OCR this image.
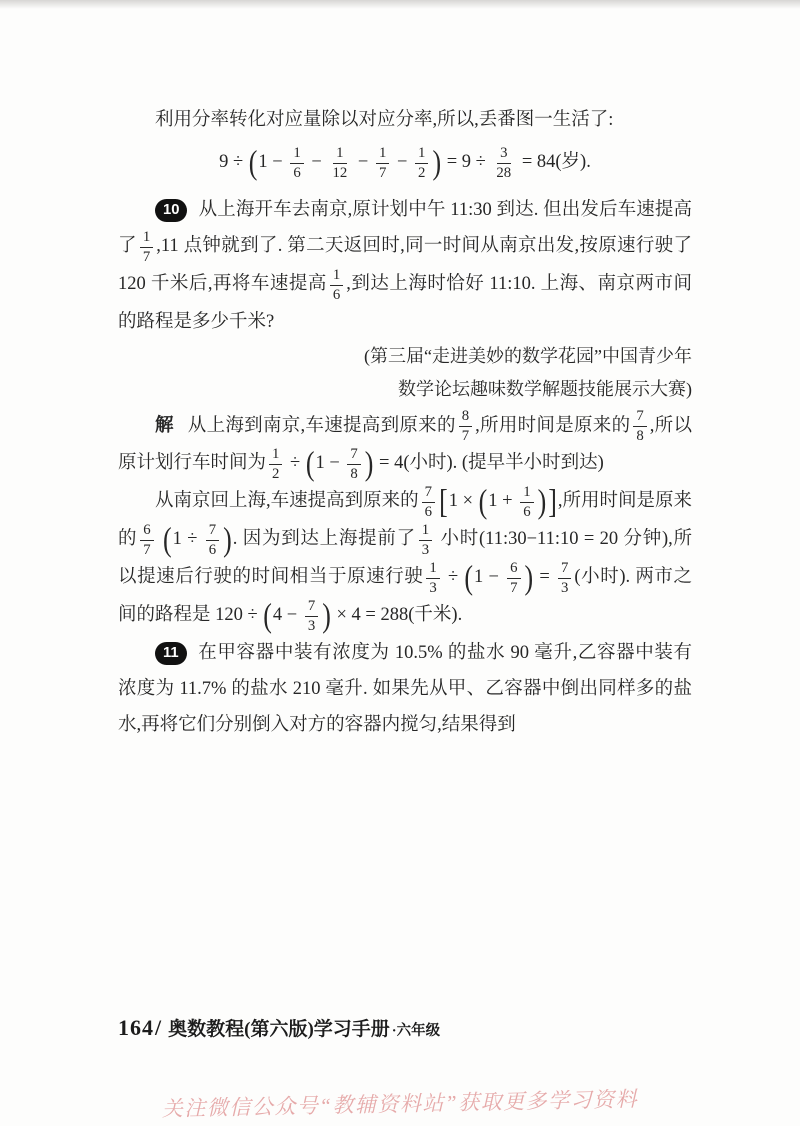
利用分率转化对应量除以对应分率,所以,丢番图一生活了:
$9 \div (1 - \frac{1}{6} - \frac{1}{12} - \frac{1}{7} - \frac{1}{2}$ ) = $9 \div \frac{3}{28} = 84$(岁).
10 从上海开车去南京,原计划中午 11:30 到达. 但出发后车速提高了 $\frac{1}{7} ,11$ 点钟就到了. 第二天返回时,同一时间从南京出发,按原速行驶了 120 千米后,再将车速提高 $\frac{1}{6}$ ,到达上海时恰好 11:10. 上海、南京两市间的路程是多少千米?
(第三届“走进美妙的数学花园”中国青少年
数学论坛趣味数学解题技能展示大赛)
解 从上海到南京,车速提高到原来的 $\frac{8}{7}$ ,所用时间是原来的 $\frac{7}{8}$ ,所以原计划行车时间为 $\frac{1}{2} \div (1 - \frac{7}{8}$ ) = 4(小时). (提早半小时到达)
从南京回上海,车速提高到原来的 $\frac{7}{6} [1 \times (1 + \frac{1}{6}$ )],所用时间是原来的 $\frac{6}{7} (1 \div \frac{7}{6}$ ). 因为到达上海提前了 $\frac{1}{3}$ 小时(11:30−11:10 = 20 分钟),所以提速后行驶的时间相当于原速行驶 $\frac{1}{3} \div (1 - \frac{6}{7}$ ) = $\frac{7}{3}$ (小时). 两市之间的路程是 $120 \div (4 - \frac{7}{3}$ ) × 4 = 288(千米).
11 在甲容器中装有浓度为 10.5% 的盐水 90 毫升,乙容器中装有浓度为 11.7% 的盐水 210 毫升. 如果先从甲、乙容器中倒出同样多的盐水,再将它们分别倒入对方的容器内搅匀,结果得到
164 / 奥数教程(第六版)学习手册 ·六年级
关注微信公众号“教辅资料站”获取更多学习资料
